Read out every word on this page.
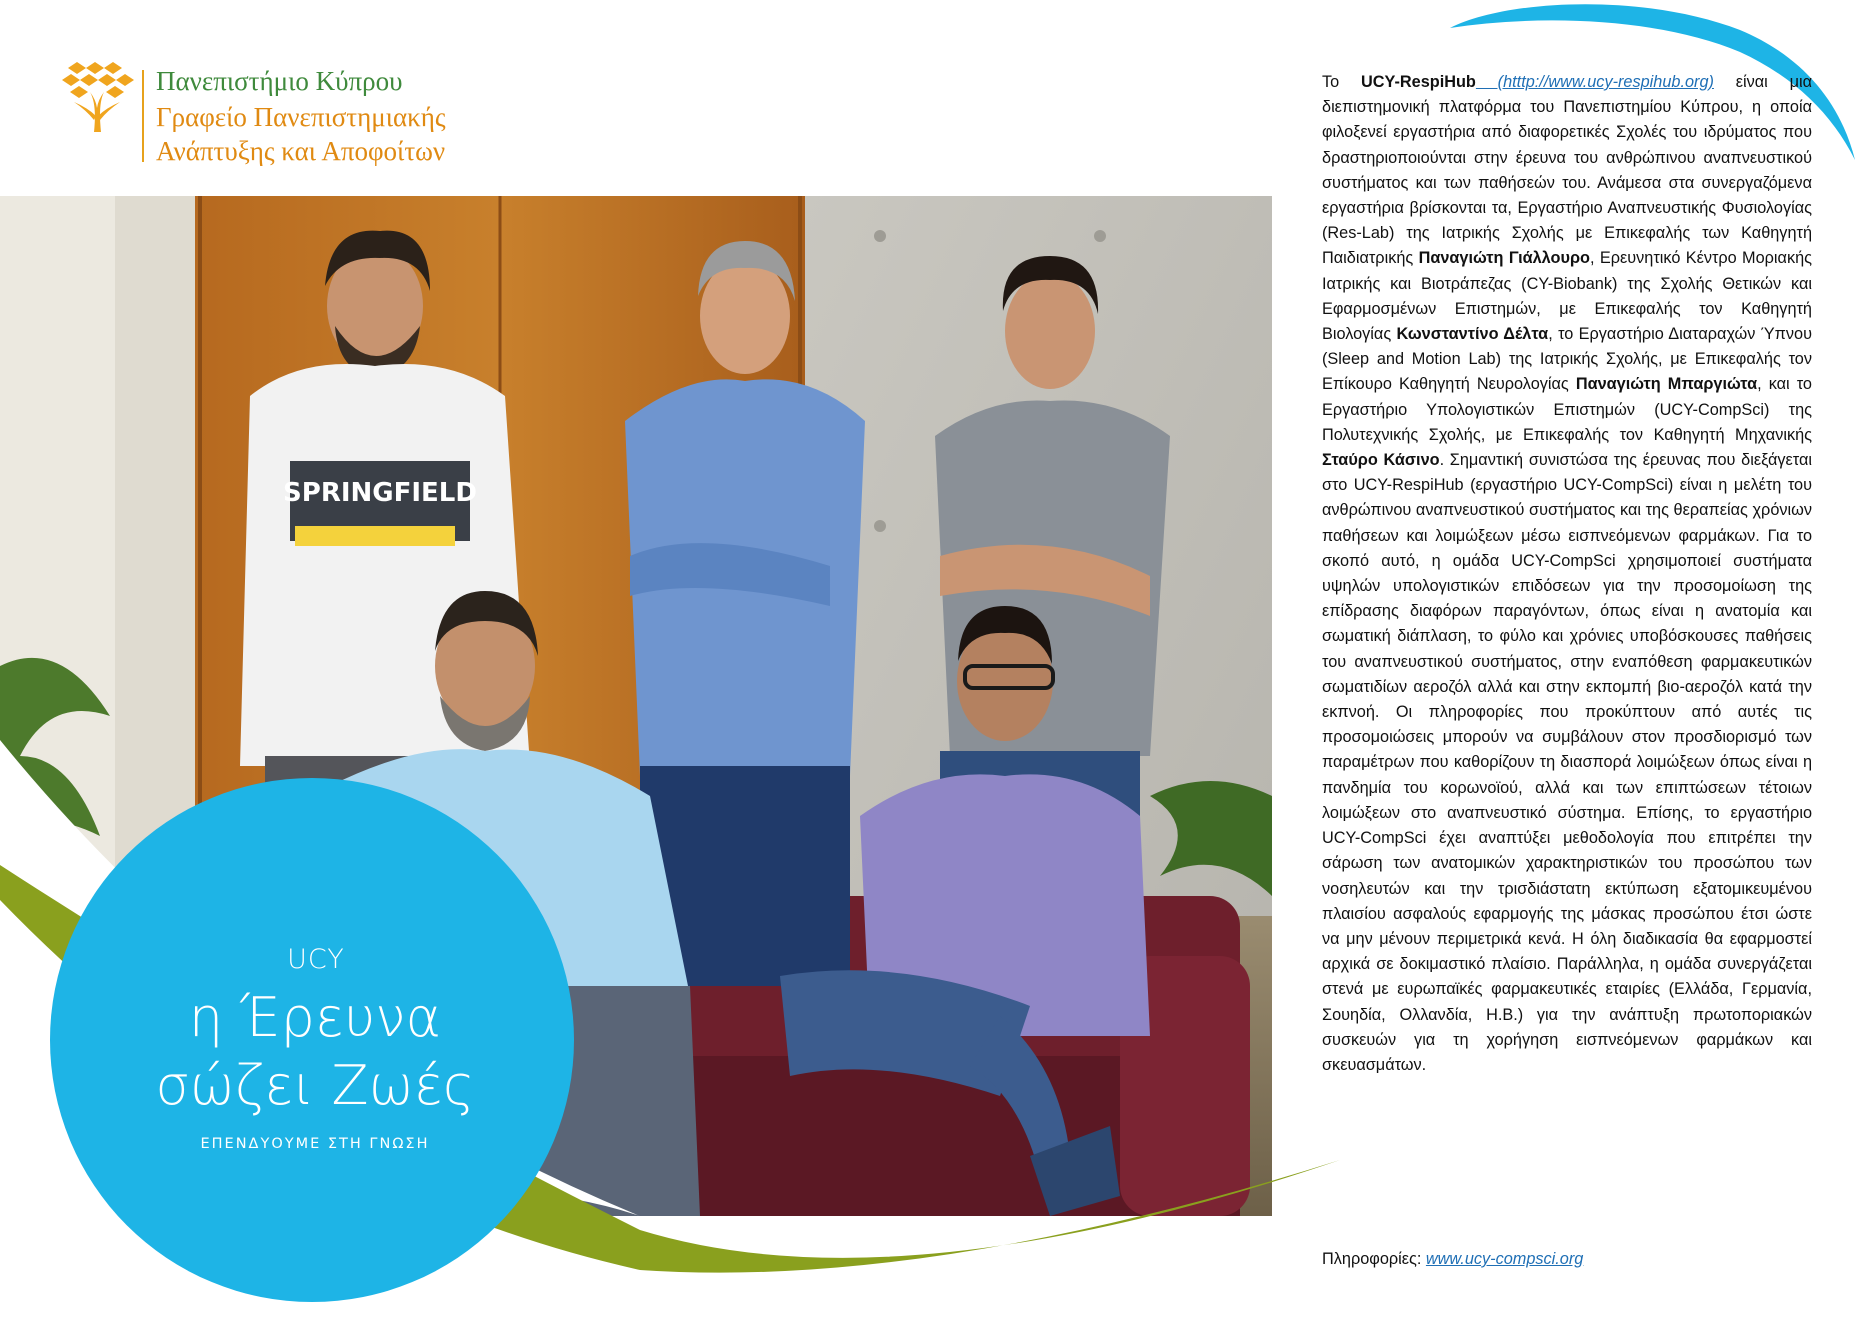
Πανεπιστήμιο Κύπρου
Γραφείο Πανεπιστημιακής
Ανάπτυξης και Αποφοίτων
SPRINGFIELD
UCY
η Έρευνα
σώζει Ζωές
ΕΠΕΝΔΥΟΥΜΕ ΣΤΗ ΓΝΩΣΗ

Το UCY-RespiHub (htttp://www.ucy-respihub.org) είναι μια διεπιστημονική πλατφόρμα του Πανεπιστημίου Κύπρου, η οποία φιλοξενεί εργαστήρια από διαφορετικές Σχολές του ιδρύματος που δραστηριοποιούνται στην έρευνα του ανθρώπινου αναπνευστικού συστήματος και των παθήσεών του. Ανάμεσα στα συνεργαζόμενα εργαστήρια βρίσκονται τα, Εργαστήριο Αναπνευστικής Φυσιολογίας (Res-Lab) της Ιατρικής Σχολής με Επικεφαλής των Καθηγητή Παιδιατρικής Παναγιώτη Γιάλλουρο, Ερευνητικό Κέντρο Μοριακής Ιατρικής και Βιοτράπεζας (CY-Biobank) της Σχολής Θετικών και Εφαρμοσμένων Επιστημών, με Επικεφαλής τον Καθηγητή Βιολογίας Κωνσταντίνο Δέλτα, το Εργαστήριο Διαταραχών Ύπνου (Sleep and Motion Lab) της Ιατρικής Σχολής, με Επικεφαλής τον Επίκουρο Καθηγητή Νευρολογίας Παναγιώτη Μπαργιώτα, και το Εργαστήριο Υπολογιστικών Επιστημών (UCY-CompSci) της Πολυτεχνικής Σχολής, με Επικεφαλής τον Καθηγητή Μηχανικής Σταύρο Κάσινο. Σημαντική συνιστώσα της έρευνας που διεξάγεται στο UCY-RespiHub (εργαστήριο UCY-CompSci) είναι η μελέτη του ανθρώπινου αναπνευστικού συστήματος και της θεραπείας χρόνιων παθήσεων και λοιμώξεων μέσω εισπνεόμενων φαρμάκων. Για το σκοπό αυτό, η ομάδα UCY-CompSci χρησιμοποιεί συστήματα υψηλών υπολογιστικών επιδόσεων για την προσομοίωση της επίδρασης διαφόρων παραγόντων, όπως είναι η ανατομία και σωματική διάπλαση, το φύλο και χρόνιες υποβόσκουσες παθήσεις του αναπνευστικού συστήματος, στην εναπόθεση φαρμακευτικών σωματιδίων αεροζόλ αλλά και στην εκπομπή βιο-αεροζόλ κατά την εκπνοή. Οι πληροφορίες που προκύπτουν από αυτές τις προσομοιώσεις μπορούν να συμβάλουν στον προσδιορισμό των παραμέτρων που καθορίζουν τη διασπορά λοιμώξεων όπως είναι η πανδημία του κορωνοϊού, αλλά και των επιπτώσεων τέτοιων λοιμώξεων στο αναπνευστικό σύστημα. Επίσης, το εργαστήριο UCY-CompSci έχει αναπτύξει μεθοδολογία που επιτρέπει την σάρωση των ανατομικών χαρακτηριστικών του προσώπου των νοσηλευτών και την τρισδιάστατη εκτύπωση εξατομικευμένου πλαισίου ασφαλούς εφαρμογής της μάσκας προσώπου έτσι ώστε να μην μένουν περιμετρικά κενά. Η όλη διαδικασία θα εφαρμοστεί αρχικά σε δοκιμαστικό πλαίσιο. Παράλληλα, η ομάδα συνεργάζεται στενά με ευρωπαϊκές φαρμακευτικές εταιρίες (Ελλάδα, Γερμανία, Σουηδία, Ολλανδία, Η.Β.) για την ανάπτυξη πρωτοποριακών συσκευών για τη χορήγηση εισπνεόμενων φαρμάκων και σκευασμάτων.

Πληροφορίες: www.ucy-compsci.org
